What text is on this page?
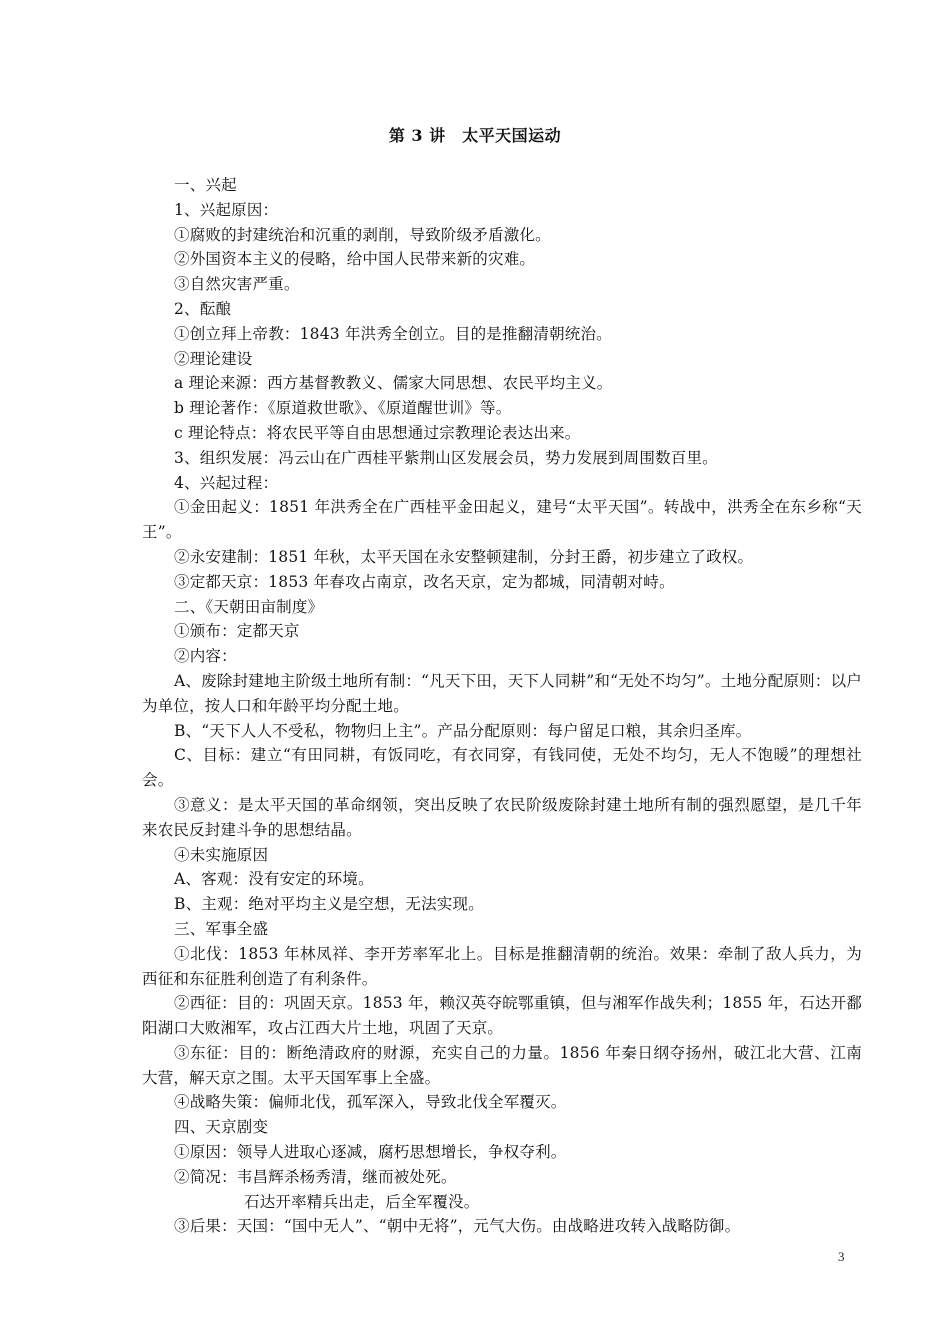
第 3 讲　太平天国运动

一、兴起

1、兴起原因：

①腐败的封建统治和沉重的剥削，导致阶级矛盾激化。

②外国资本主义的侵略，给中国人民带来新的灾难。

③自然灾害严重。

2、酝酿

①创立拜上帝教：1843 年洪秀全创立。目的是推翻清朝统治。

②理论建设

a 理论来源：西方基督教教义、儒家大同思想、农民平均主义。

b 理论著作：《原道救世歌》、《原道醒世训》等。

c 理论特点：将农民平等自由思想通过宗教理论表达出来。

3、组织发展：冯云山在广西桂平紫荆山区发展会员，势力发展到周围数百里。

4、兴起过程：

①金田起义：1851 年洪秀全在广西桂平金田起义，建号“太平天国”。转战中，洪秀全在东乡称“天王”。

②永安建制：1851 年秋，太平天国在永安整顿建制，分封王爵，初步建立了政权。

③定都天京：1853 年春攻占南京，改名天京，定为都城，同清朝对峙。

二、《天朝田亩制度》

①颁布：定都天京

②内容：

A、废除封建地主阶级土地所有制：“凡天下田，天下人同耕”和“无处不均匀”。土地分配原则：以户为单位，按人口和年龄平均分配土地。

B、“天下人人不受私，物物归上主”。产品分配原则：每户留足口粮，其余归圣库。

C、目标：建立“有田同耕，有饭同吃，有衣同穿，有钱同使，无处不均匀，无人不饱暖”的理想社会。

③意义：是太平天国的革命纲领，突出反映了农民阶级废除封建土地所有制的强烈愿望，是几千年来农民反封建斗争的思想结晶。

④未实施原因

A、客观：没有安定的环境。

B、主观：绝对平均主义是空想，无法实现。

三、军事全盛

①北伐：1853 年林凤祥、李开芳率军北上。目标是推翻清朝的统治。效果：牵制了敌人兵力，为西征和东征胜利创造了有利条件。

②西征：目的：巩固天京。1853 年，赖汉英夺皖鄂重镇，但与湘军作战失利；1855 年，石达开鄱阳湖口大败湘军，攻占江西大片土地，巩固了天京。

③东征：目的：断绝清政府的财源，充实自己的力量。1856 年秦日纲夺扬州，破江北大营、江南大营，解天京之围。太平天国军事上全盛。

④战略失策：偏师北伐，孤军深入，导致北伐全军覆灭。

四、天京剧变

①原因：领导人进取心逐减，腐朽思想增长，争权夺利。

②简况：韦昌辉杀杨秀清，继而被处死。

石达开率精兵出走，后全军覆没。

③后果：天国：“国中无人”、“朝中无将”，元气大伤。由战略进攻转入战略防御。

3
